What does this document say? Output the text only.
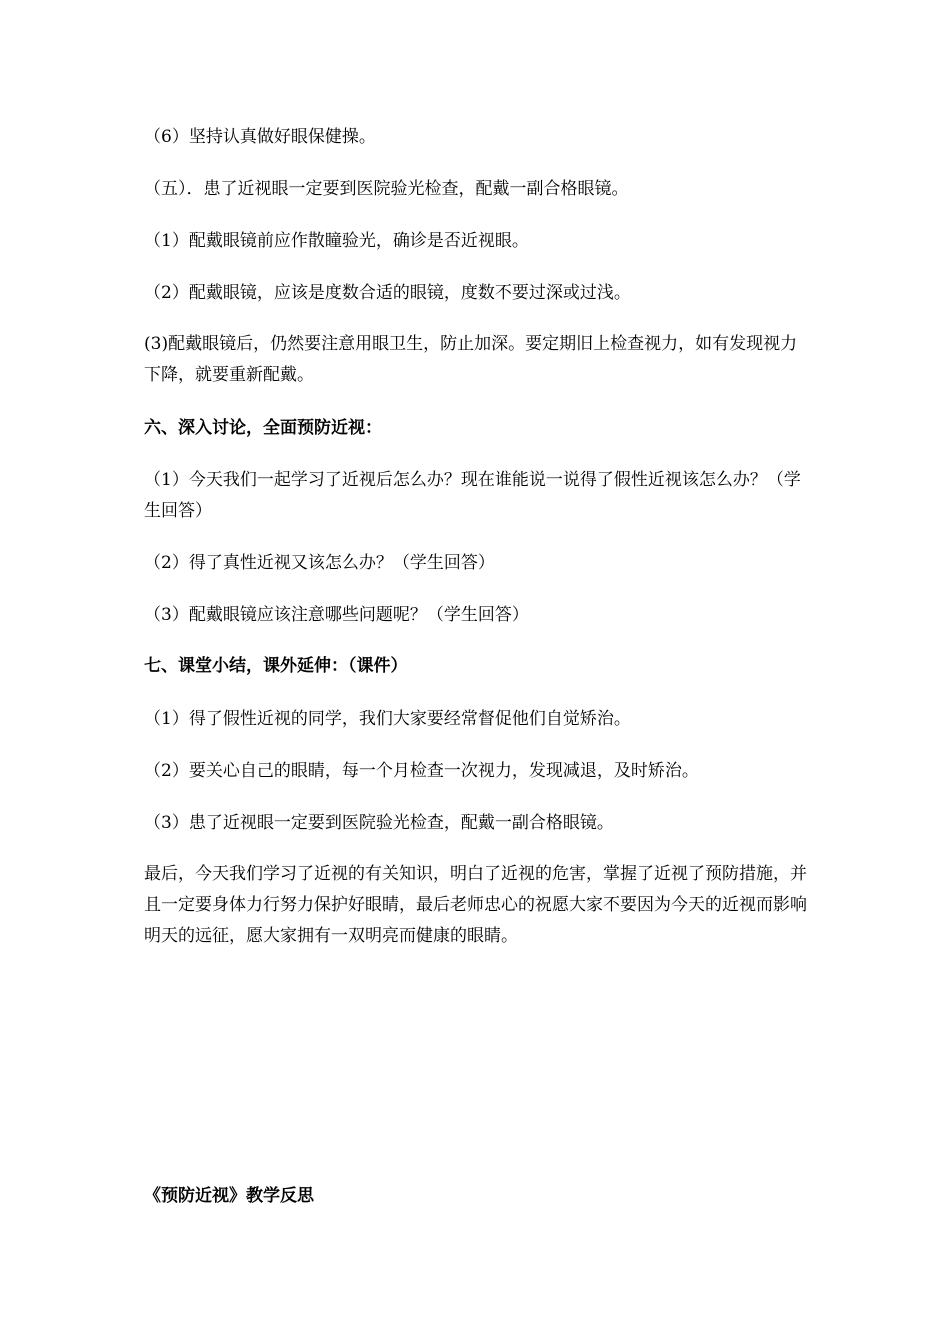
（6）坚持认真做好眼保健操。
（五）．患了近视眼一定要到医院验光检查，配戴一副合格眼镜。
（1）配戴眼镜前应作散瞳验光，确诊是否近视眼。
（2）配戴眼镜，应该是度数合适的眼镜，度数不要过深或过浅。
(3)配戴眼镜后，仍然要注意用眼卫生，防止加深。要定期旧上检查视力，如有发现视力下降，就要重新配戴。
六、深入讨论，全面预防近视：
（1）今天我们一起学习了近视后怎么办？现在谁能说一说得了假性近视该怎么办？（学生回答）
（2）得了真性近视又该怎么办？（学生回答）
（3）配戴眼镜应该注意哪些问题呢？（学生回答）
七、课堂小结，课外延伸：（课件）
（1）得了假性近视的同学，我们大家要经常督促他们自觉矫治。
（2）要关心自己的眼睛，每一个月检查一次视力，发现减退，及时矫治。
（3）患了近视眼一定要到医院验光检查，配戴一副合格眼镜。
最后，今天我们学习了近视的有关知识，明白了近视的危害，掌握了近视了预防措施，并且一定要身体力行努力保护好眼睛，最后老师忠心的祝愿大家不要因为今天的近视而影响明天的远征，愿大家拥有一双明亮而健康的眼睛。
《预防近视》教学反思
